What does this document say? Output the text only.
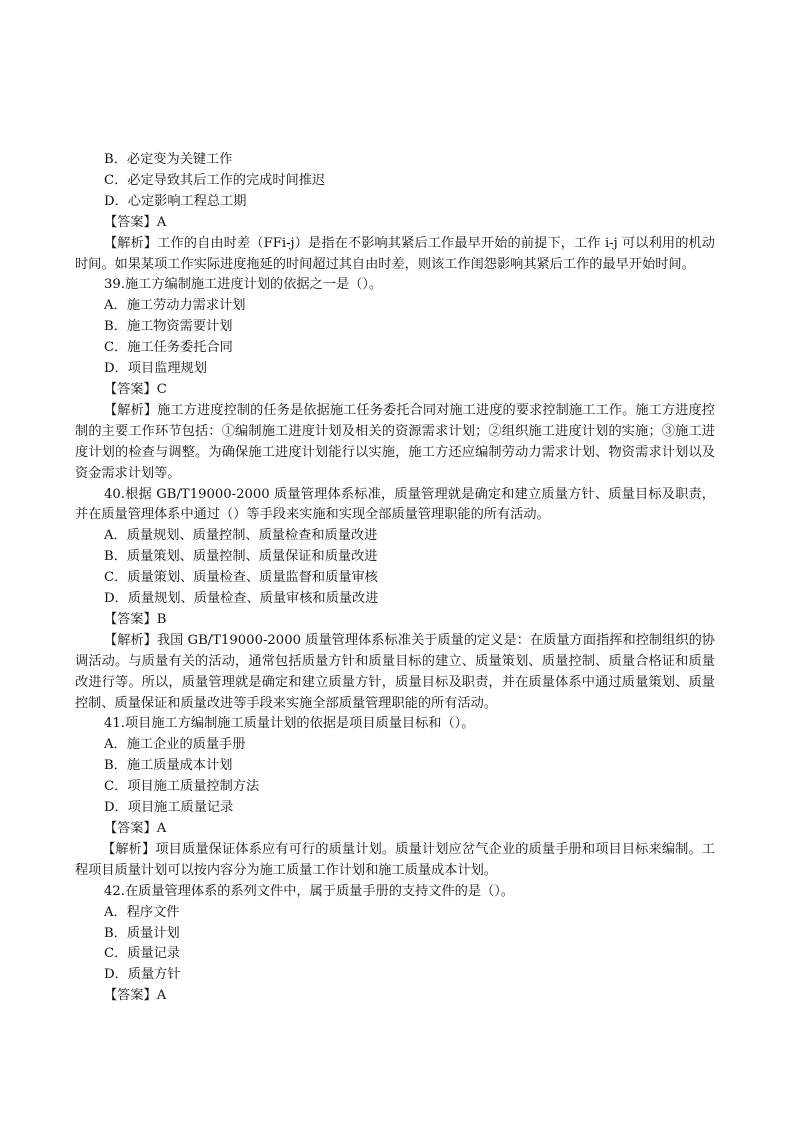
B．必定变为关键工作
C．必定导致其后工作的完成时间推迟
D．心定影响工程总工期
【答案】A
【解析】工作的自由时差（FFi-j）是指在不影响其紧后工作最早开始的前提下，工作 i-j 可以利用的机动时间。如果某项工作实际进度拖延的时间超过其自由时差，则该工作闺怨影响其紧后工作的最早开始时间。
39.施工方编制施工进度计划的依据之一是（）。
A．施工劳动力需求计划
B．施工物资需要计划
C．施工任务委托合同
D．项目监理规划
【答案】C
【解析】施工方进度控制的任务是依据施工任务委托合同对施工进度的要求控制施工工作。施工方进度控制的主要工作环节包括：①编制施工进度计划及相关的资源需求计划；②组织施工进度计划的实施；③施工进度计划的检查与调整。为确保施工进度计划能行以实施，施工方还应编制劳动力需求计划、物资需求计划以及资金需求计划等。
40.根据 GB/T19000-2000 质量管理体系标准，质量管理就是确定和建立质量方针、质量目标及职责，并在质量管理体系中通过（）等手段来实施和实现全部质量管理职能的所有活动。
A．质量规划、质量控制、质量检查和质量改进
B．质量策划、质量控制、质量保证和质量改进
C．质量策划、质量检查、质量监督和质量审核
D．质量规划、质量检查、质量审核和质量改进
【答案】B
【解析】我国 GB/T19000-2000 质量管理体系标准关于质量的定义是：在质量方面指挥和控制组织的协调活动。与质量有关的活动，通常包括质量方针和质量目标的建立、质量策划、质量控制、质量合格证和质量改进行等。所以，质量管理就是确定和建立质量方针，质量目标及职责，并在质量体系中通过质量策划、质量控制、质量保证和质量改进等手段来实施全部质量管理职能的所有活动。
41.项目施工方编制施工质量计划的依据是项目质量目标和（）。
A．施工企业的质量手册
B．施工质量成本计划
C．项目施工质量控制方法
D．项目施工质量记录
【答案】A
【解析】项目质量保证体系应有可行的质量计划。质量计划应岔气企业的质量手册和项目目标来编制。工程项目质量计划可以按内容分为施工质量工作计划和施工质量成本计划。
42.在质量管理体系的系列文件中，属于质量手册的支持文件的是（）。
A．程序文件
B．质量计划
C．质量记录
D．质量方针
【答案】A
